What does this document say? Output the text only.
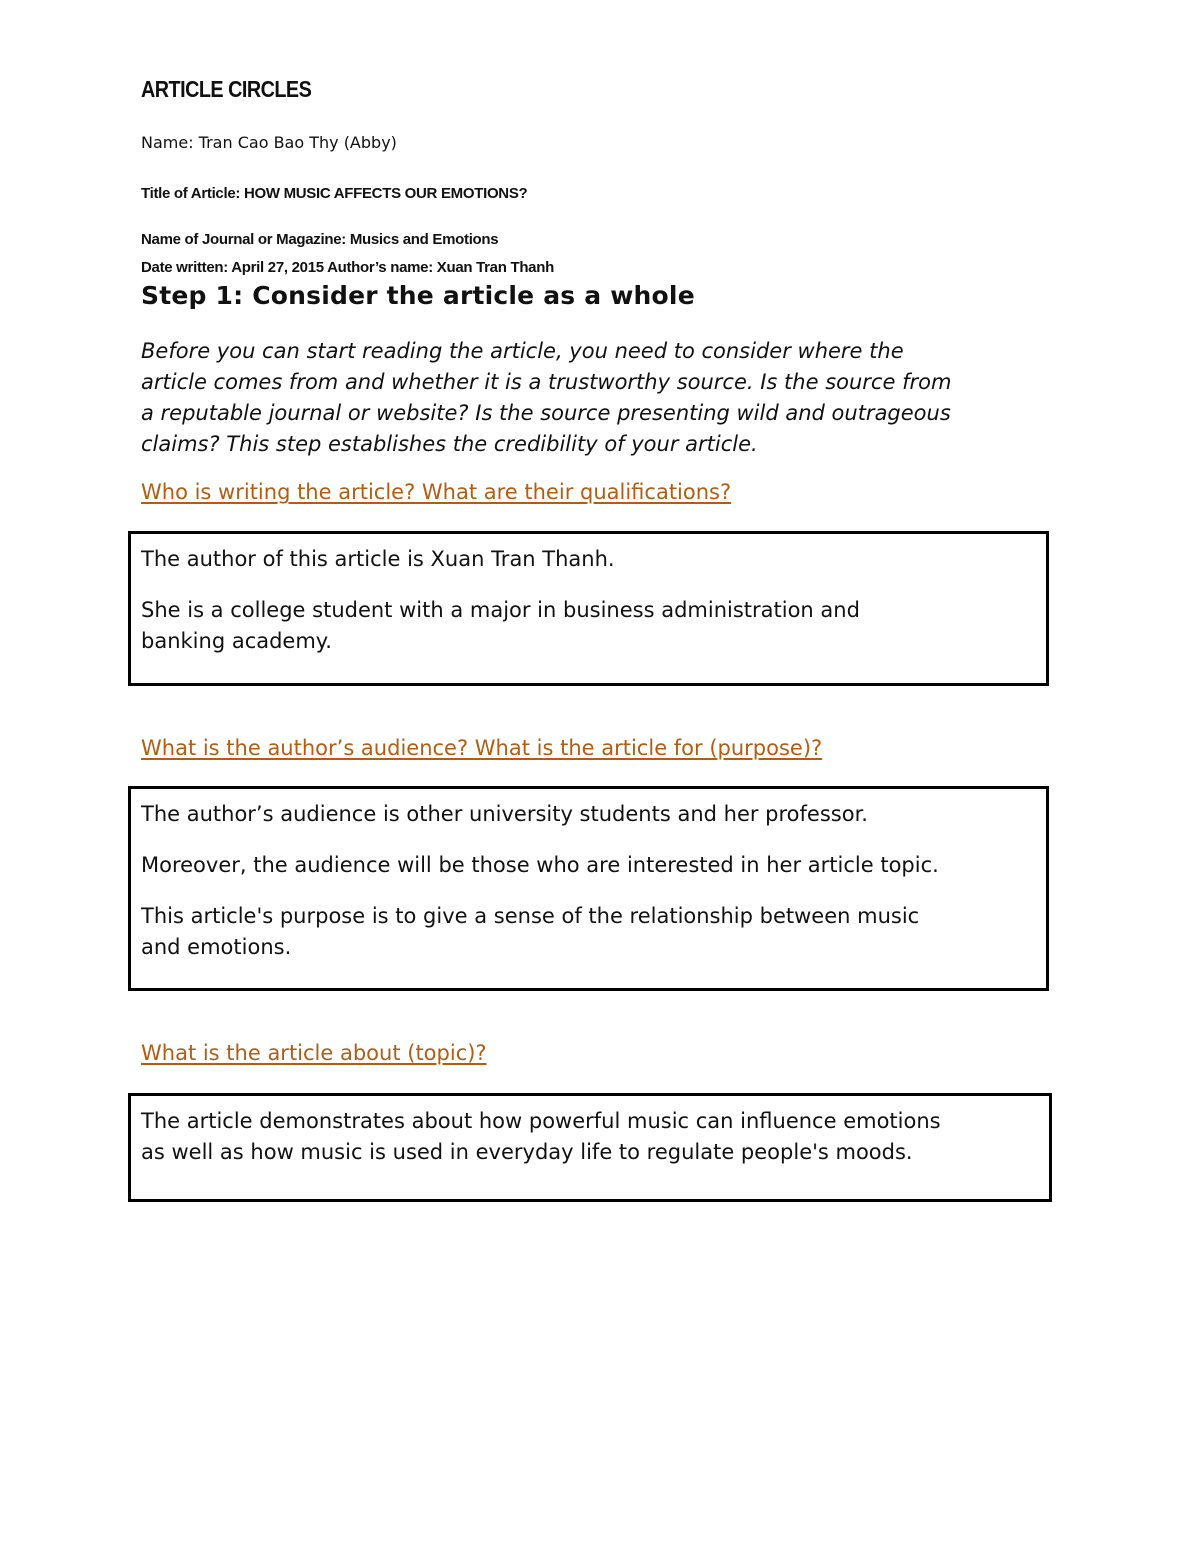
ARTICLE CIRCLES
Name: Tran Cao Bao Thy (Abby)
Title of Article: HOW MUSIC AFFECTS OUR EMOTIONS?
Name of Journal or Magazine: Musics and Emotions
Date written: April 27, 2015 Author’s name: Xuan Tran Thanh
Step 1: Consider the article as a whole
Before you can start reading the article, you need to consider where the
article comes from and whether it is a trustworthy source. Is the source from
a reputable journal or website? Is the source presenting wild and outrageous
claims? This step establishes the credibility of your article.
Who is writing the article? What are their qualifications?

The author of this article is Xuan Tran Thanh.

She is a college student with a major in business administration and
banking academy.

What is the author’s audience? What is the article for (purpose)?

The author’s audience is other university students and her professor.

Moreover, the audience will be those who are interested in her article topic.

This article's purpose is to give a sense of the relationship between music
and emotions.

What is the article about (topic)?

The article demonstrates about how powerful music can influence emotions
as well as how music is used in everyday life to regulate people's moods.
